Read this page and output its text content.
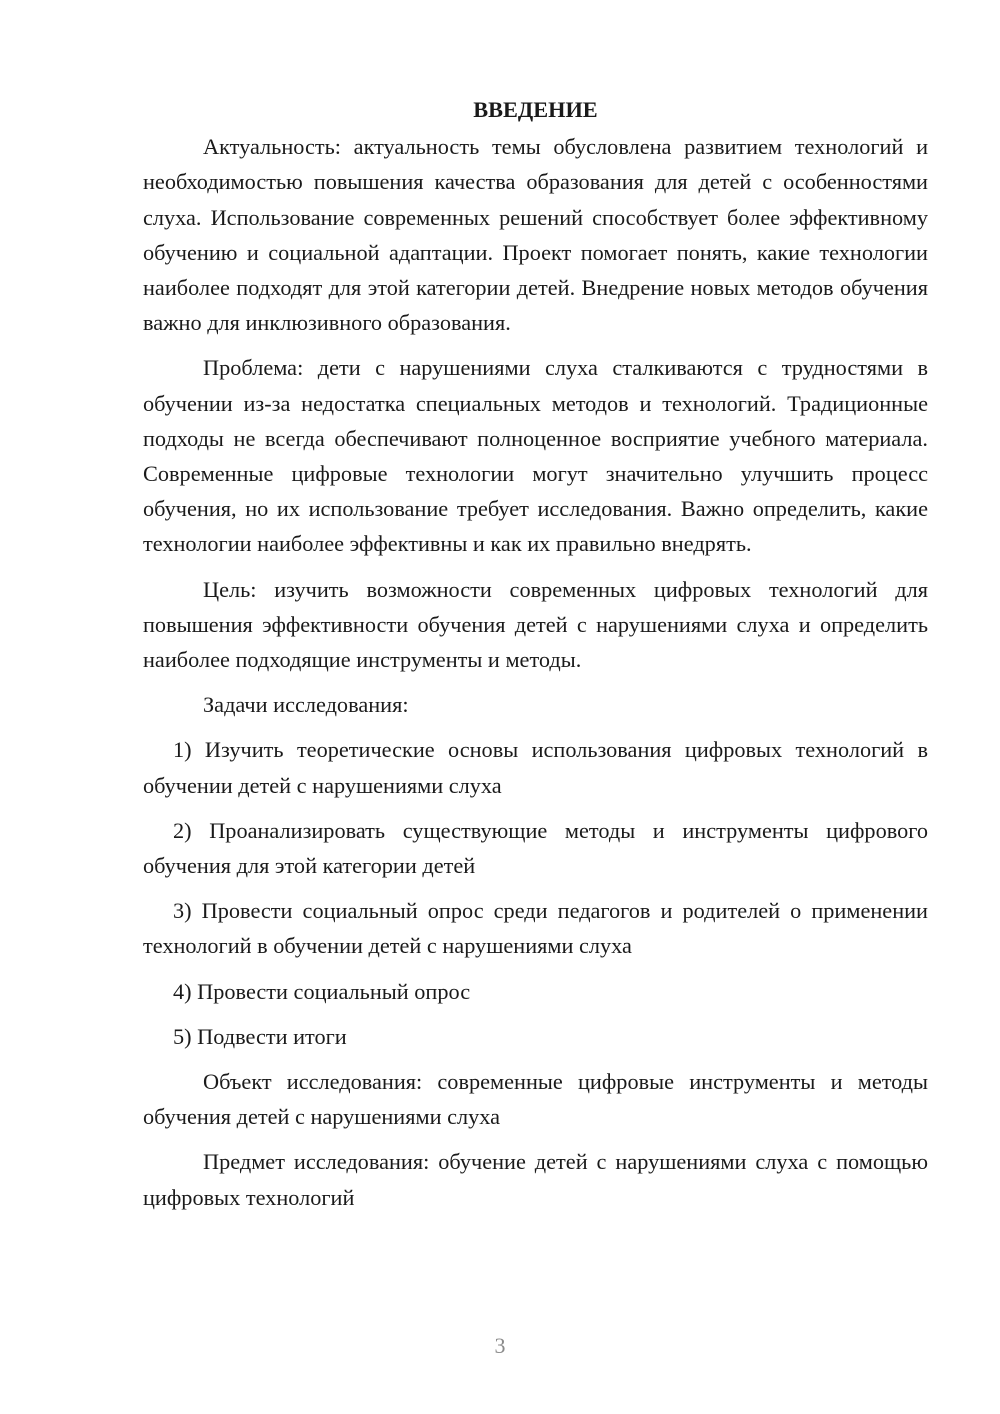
ВВЕДЕНИЕ

Актуальность: актуальность темы обусловлена развитием технологий и необходимостью повышения качества образования для детей с особенностями слуха. Использование современных решений способствует более эффективному обучению и социальной адаптации. Проект помогает понять, какие технологии наиболее подходят для этой категории детей. Внедрение новых методов обучения важно для инклюзивного образования.

Проблема: дети с нарушениями слуха сталкиваются с трудностями в обучении из-за недостатка специальных методов и технологий. Традиционные подходы не всегда обеспечивают полноценное восприятие учебного материала. Современные цифровые технологии могут значительно улучшить процесс обучения, но их использование требует исследования. Важно определить, какие технологии наиболее эффективны и как их правильно внедрять.

Цель: изучить возможности современных цифровых технологий для повышения эффективности обучения детей с нарушениями слуха и определить наиболее подходящие инструменты и методы.

Задачи исследования:

1) Изучить теоретические основы использования цифровых технологий в обучении детей с нарушениями слуха

2) Проанализировать существующие методы и инструменты цифрового обучения для этой категории детей

3) Провести социальный опрос среди педагогов и родителей о применении технологий в обучении детей с нарушениями слуха

4) Провести социальный опрос

5) Подвести итоги

Объект исследования: современные цифровые инструменты и методы обучения детей с нарушениями слуха

Предмет исследования: обучение детей с нарушениями слуха с помощью цифровых технологий

3
